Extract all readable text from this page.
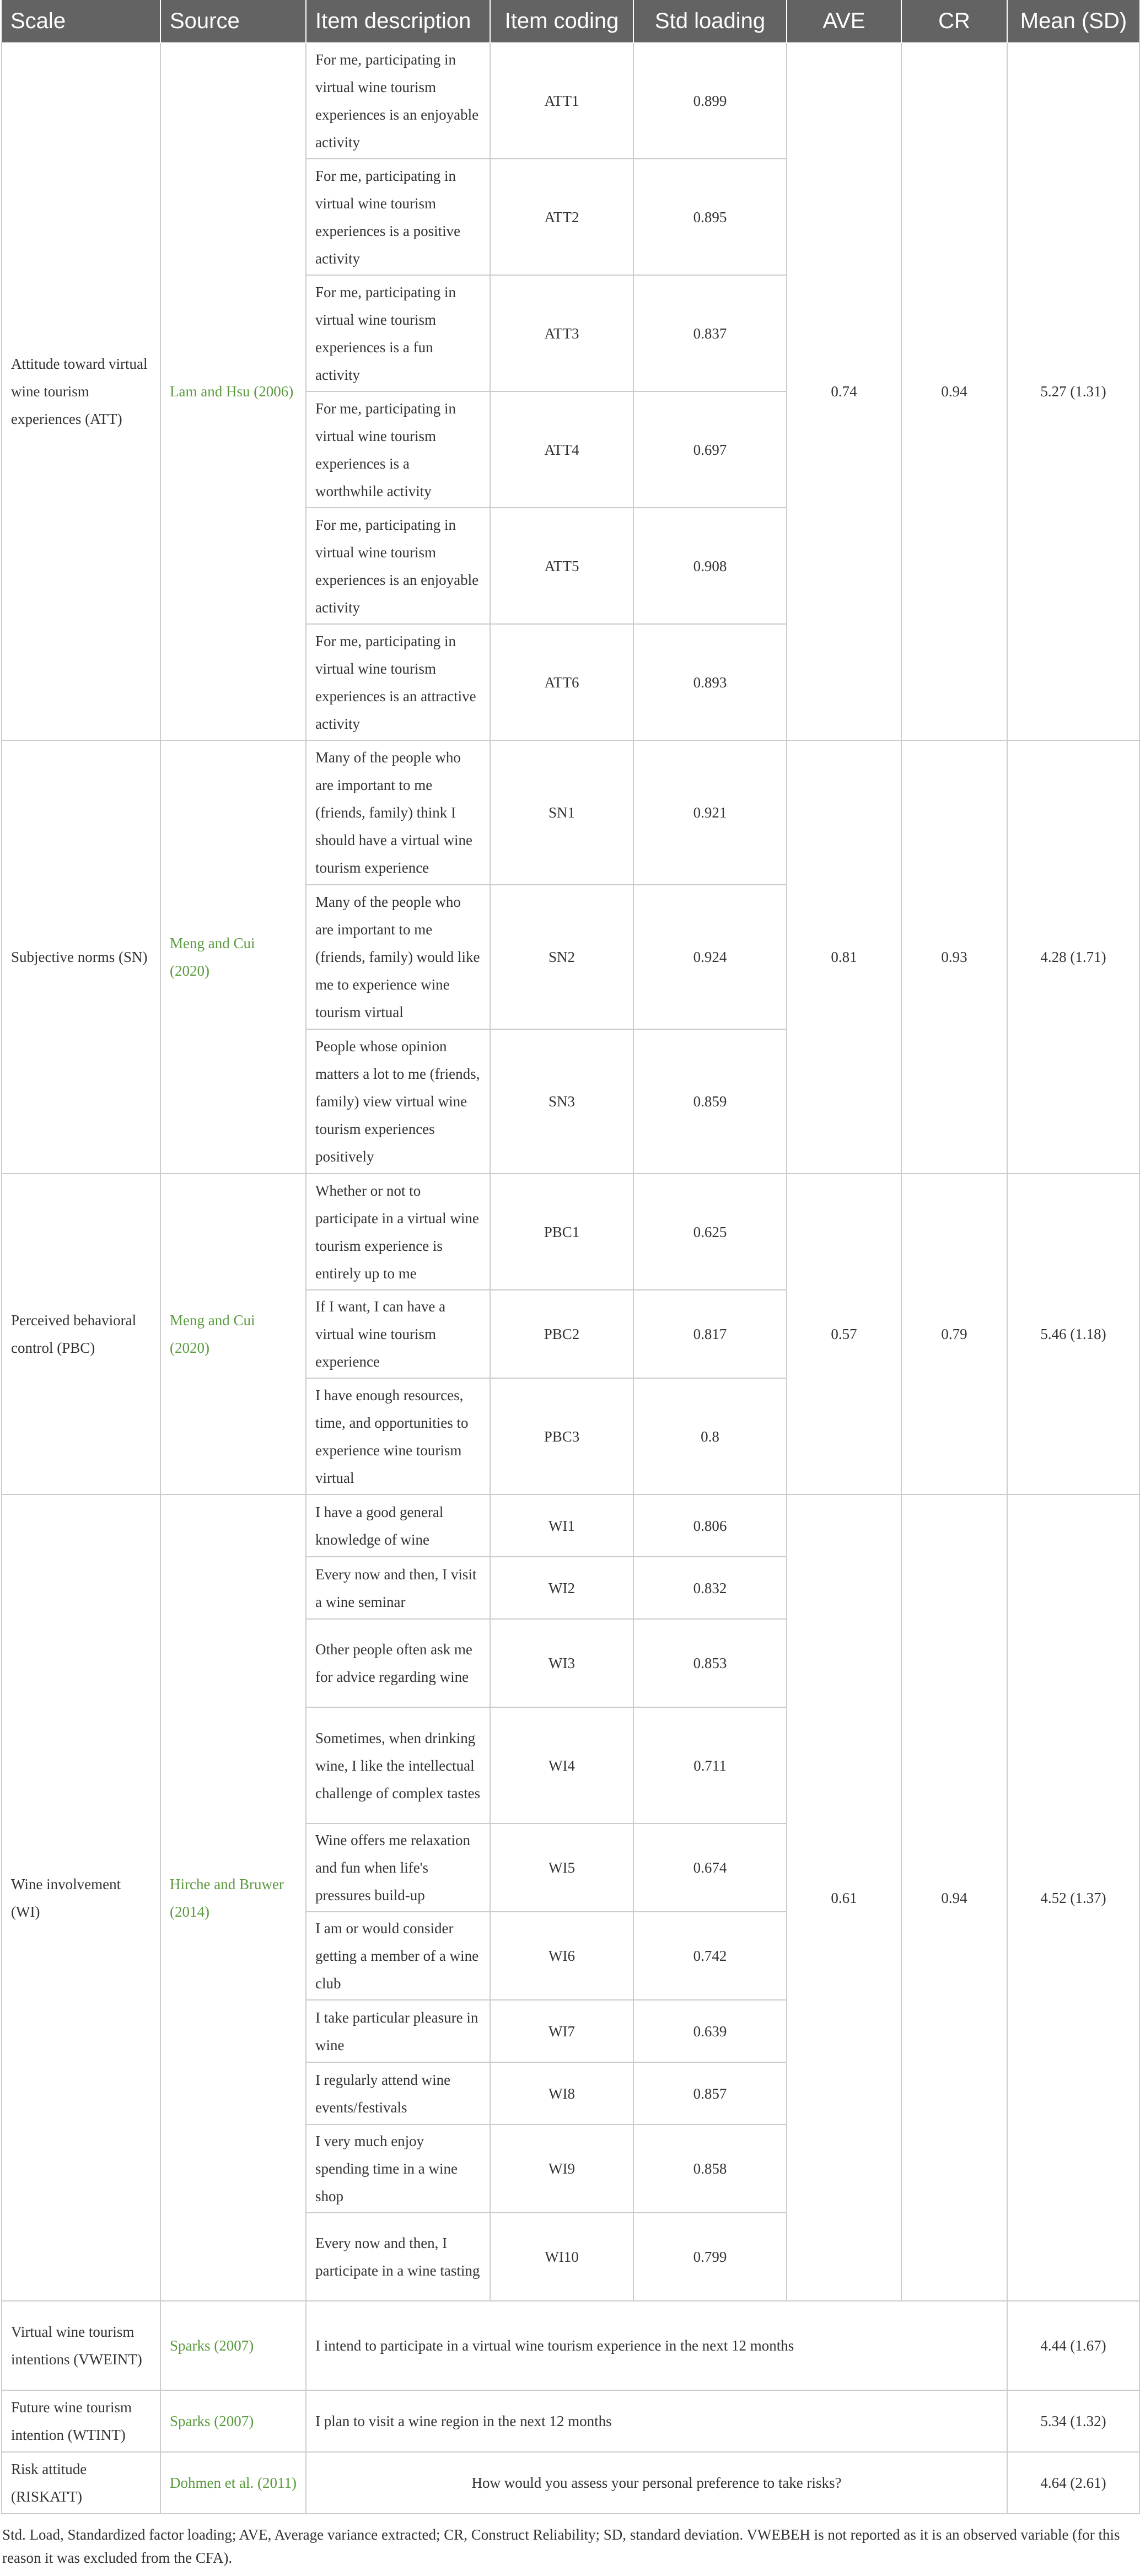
Scale	Source	Item description	Item coding	Std loading	AVE	CR	Mean (SD)
Attitude toward virtual wine tourism experiences (ATT)	Lam and Hsu (2006)	For me, participating in virtual wine tourism experiences is an enjoyable activity	ATT1	0.899	0.74	0.94	5.27 (1.31)
		For me, participating in virtual wine tourism experiences is a positive activity	ATT2	0.895			
		For me, participating in virtual wine tourism experiences is a fun activity	ATT3	0.837			
		For me, participating in virtual wine tourism experiences is a worthwhile activity	ATT4	0.697			
		For me, participating in virtual wine tourism experiences is an enjoyable activity	ATT5	0.908			
		For me, participating in virtual wine tourism experiences is an attractive activity	ATT6	0.893			
Subjective norms (SN)	Meng and Cui (2020)	Many of the people who are important to me (friends, family) think I should have a virtual wine tourism experience	SN1	0.921	0.81	0.93	4.28 (1.71)
		Many of the people who are important to me (friends, family) would like me to experience wine tourism virtual	SN2	0.924			
		People whose opinion matters a lot to me (friends, family) view virtual wine tourism experiences positively	SN3	0.859			
Perceived behavioral control (PBC)	Meng and Cui (2020)	Whether or not to participate in a virtual wine tourism experience is entirely up to me	PBC1	0.625	0.57	0.79	5.46 (1.18)
		If I want, I can have a virtual wine tourism experience	PBC2	0.817			
		I have enough resources, time, and opportunities to experience wine tourism virtual	PBC3	0.8			
Wine involvement (WI)	Hirche and Bruwer (2014)	I have a good general knowledge of wine	WI1	0.806	0.61	0.94	4.52 (1.37)
		Every now and then, I visit a wine seminar	WI2	0.832			
		Other people often ask me for advice regarding wine	WI3	0.853			
		Sometimes, when drinking wine, I like the intellectual challenge of complex tastes	WI4	0.711			
		Wine offers me relaxation and fun when life's pressures build-up	WI5	0.674			
		I am or would consider getting a member of a wine club	WI6	0.742			
		I take particular pleasure in wine	WI7	0.639			
		I regularly attend wine events/festivals	WI8	0.857			
		I very much enjoy spending time in a wine shop	WI9	0.858			
		Every now and then, I participate in a wine tasting	WI10	0.799			
Virtual wine tourism intentions (VWEINT)	Sparks (2007)	I intend to participate in a virtual wine tourism experience in the next 12 months					4.44 (1.67)
Future wine tourism intention (WTINT)	Sparks (2007)	I plan to visit a wine region in the next 12 months					5.34 (1.32)
Risk attitude (RISKATT)	Dohmen et al. (2011)	How would you assess your personal preference to take risks?					4.64 (2.61)
Std. Load, Standardized factor loading; AVE, Average variance extracted; CR, Construct Reliability; SD, standard deviation. VWEBEH is not reported as it is an observed variable (for this reason it was excluded from the CFA).
